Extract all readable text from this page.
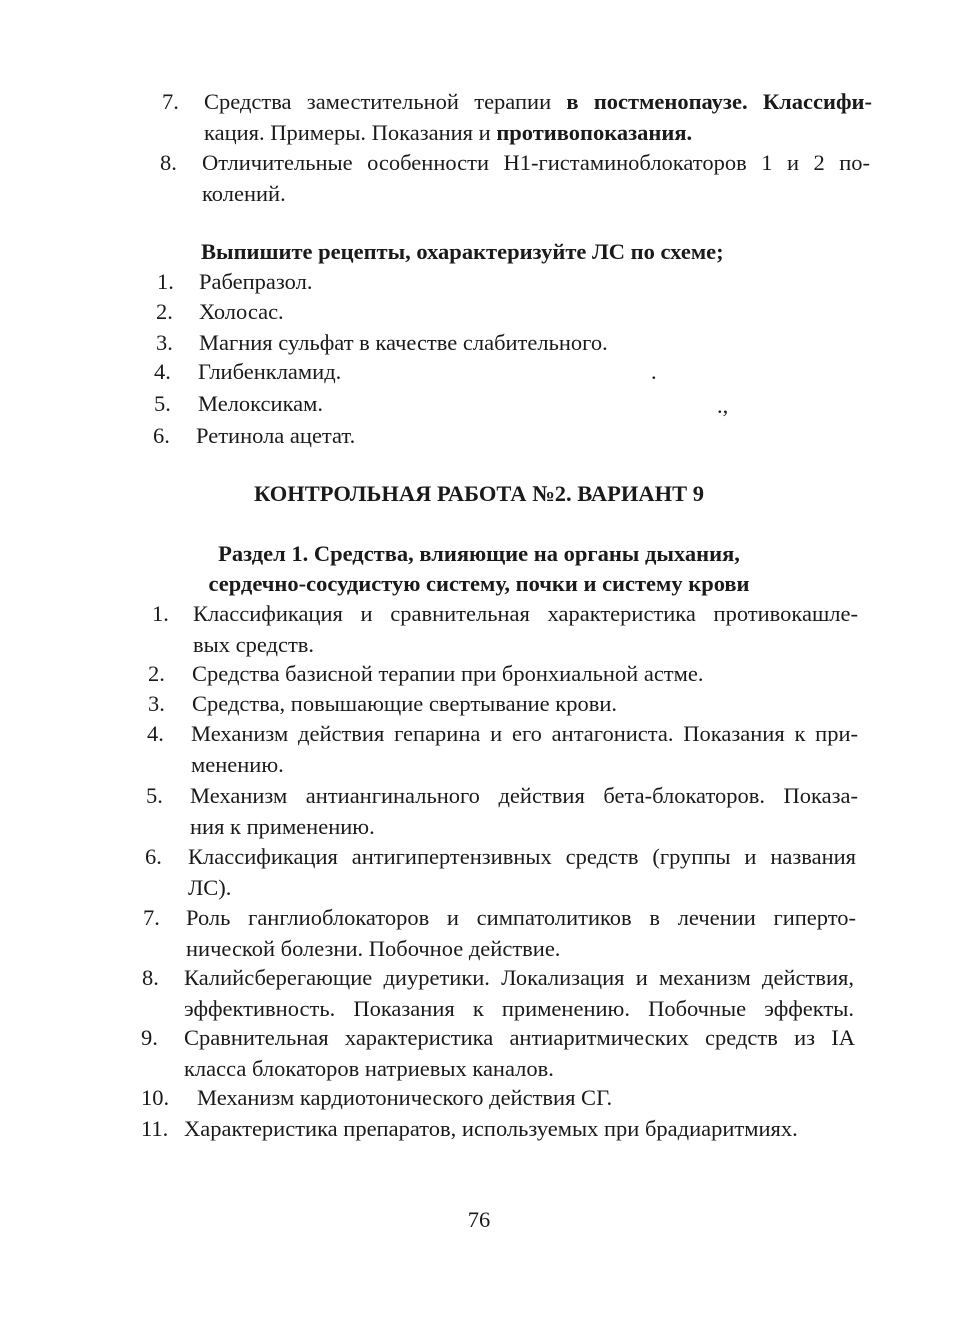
7. Средства заместительной терапии в постменопаузе. Классифи-
кация. Примеры. Показания и противопоказания.
8. Отличительные особенности Н1-гистаминоблокаторов 1 и 2 по-
колений.
Выпишите рецепты, охарактеризуйте ЛС по схеме;
1. Рабепразол.
2. Холосас.
3. Магния сульфат в качестве слабительного.
4. Глибенкламид.
5. Мелоксикам.
6. Ретинола ацетат.
.
.,
КОНТРОЛЬНАЯ РАБОТА №2. ВАРИАНТ 9
Раздел 1. Средства, влияющие на органы дыхания,
сердечно-сосудистую систему, почки и систему крови
1. Классификация и сравнительная характеристика противокашле-
вых средств.
2. Средства базисной терапии при бронхиальной астме.
3. Средства, повышающие свертывание крови.
4. Механизм действия гепарина и его антагониста. Показания к при-
менению.
5. Механизм антиангинального действия бета-блокаторов. Показа-
ния к применению.
6. Классификация антигипертензивных средств (группы и названия
ЛС).
7. Роль ганглиоблокаторов и симпатолитиков в лечении гиперто-
нической болезни. Побочное действие.
8. Калийсберегающие диуретики. Локализация и механизм действия,
эффективность. Показания к применению. Побочные эффекты.
9. Сравнительная характеристика антиаритмических средств из IA
класса блокаторов натриевых каналов.
10. Механизм кардиотонического действия СГ.
11. Характеристика препаратов, используемых при брадиаритмиях.
76
